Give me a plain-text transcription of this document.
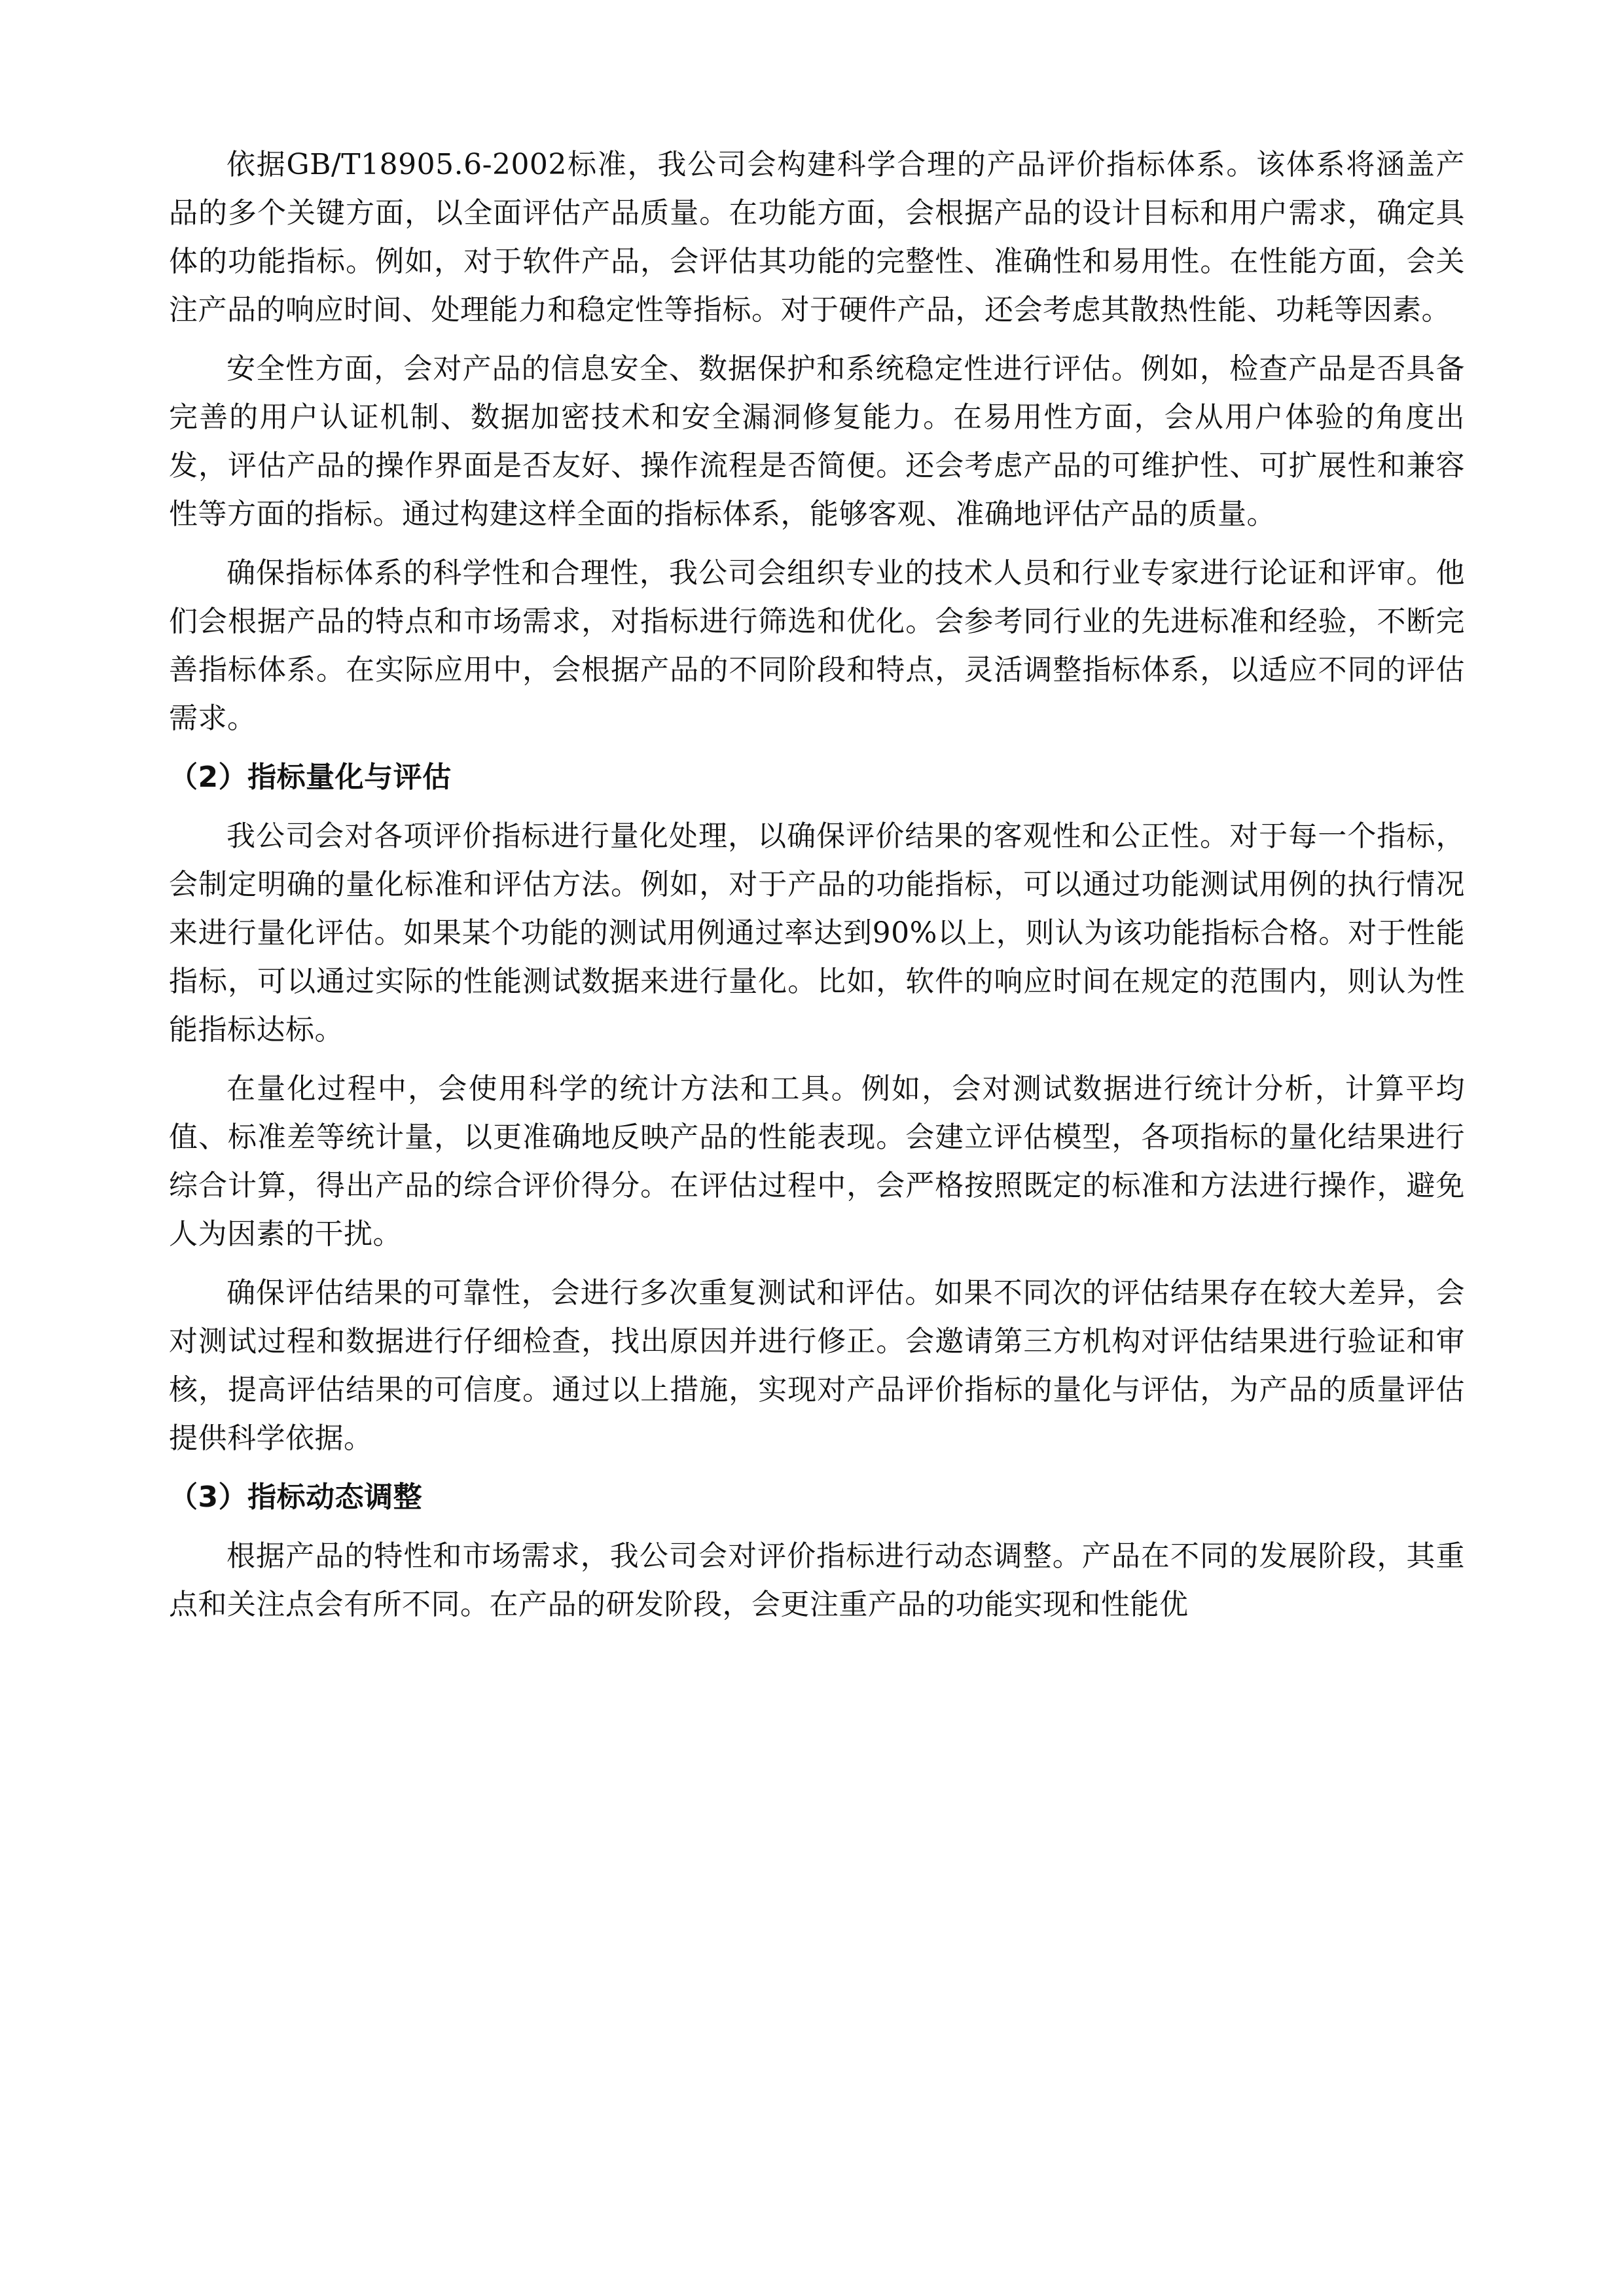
依据GB/T18905.6-2002标准，我公司会构建科学合理的产品评价指标体系。该体系将涵盖产品的多个关键方面，以全面评估产品质量。在功能方面，会根据产品的设计目标和用户需求，确定具体的功能指标。例如，对于软件产品，会评估其功能的完整性、准确性和易用性。在性能方面，会关注产品的响应时间、处理能力和稳定性等指标。对于硬件产品，还会考虑其散热性能、功耗等因素。

安全性方面，会对产品的信息安全、数据保护和系统稳定性进行评估。例如，检查产品是否具备完善的用户认证机制、数据加密技术和安全漏洞修复能力。在易用性方面，会从用户体验的角度出发，评估产品的操作界面是否友好、操作流程是否简便。还会考虑产品的可维护性、可扩展性和兼容性等方面的指标。通过构建这样全面的指标体系，能够客观、准确地评估产品的质量。

确保指标体系的科学性和合理性，我公司会组织专业的技术人员和行业专家进行论证和评审。他们会根据产品的特点和市场需求，对指标进行筛选和优化。会参考同行业的先进标准和经验，不断完善指标体系。在实际应用中，会根据产品的不同阶段和特点，灵活调整指标体系，以适应不同的评估需求。

（2）指标量化与评估

我公司会对各项评价指标进行量化处理，以确保评价结果的客观性和公正性。对于每一个指标，会制定明确的量化标准和评估方法。例如，对于产品的功能指标，可以通过功能测试用例的执行情况来进行量化评估。如果某个功能的测试用例通过率达到90%以上，则认为该功能指标合格。对于性能指标，可以通过实际的性能测试数据来进行量化。比如，软件的响应时间在规定的范围内，则认为性能指标达标。

在量化过程中，会使用科学的统计方法和工具。例如，会对测试数据进行统计分析，计算平均值、标准差等统计量，以更准确地反映产品的性能表现。会建立评估模型，各项指标的量化结果进行综合计算，得出产品的综合评价得分。在评估过程中，会严格按照既定的标准和方法进行操作，避免人为因素的干扰。

确保评估结果的可靠性，会进行多次重复测试和评估。如果不同次的评估结果存在较大差异，会对测试过程和数据进行仔细检查，找出原因并进行修正。会邀请第三方机构对评估结果进行验证和审核，提高评估结果的可信度。通过以上措施，实现对产品评价指标的量化与评估，为产品的质量评估提供科学依据。

（3）指标动态调整

根据产品的特性和市场需求，我公司会对评价指标进行动态调整。产品在不同的发展阶段，其重点和关注点会有所不同。在产品的研发阶段，会更注重产品的功能实现和性能优
